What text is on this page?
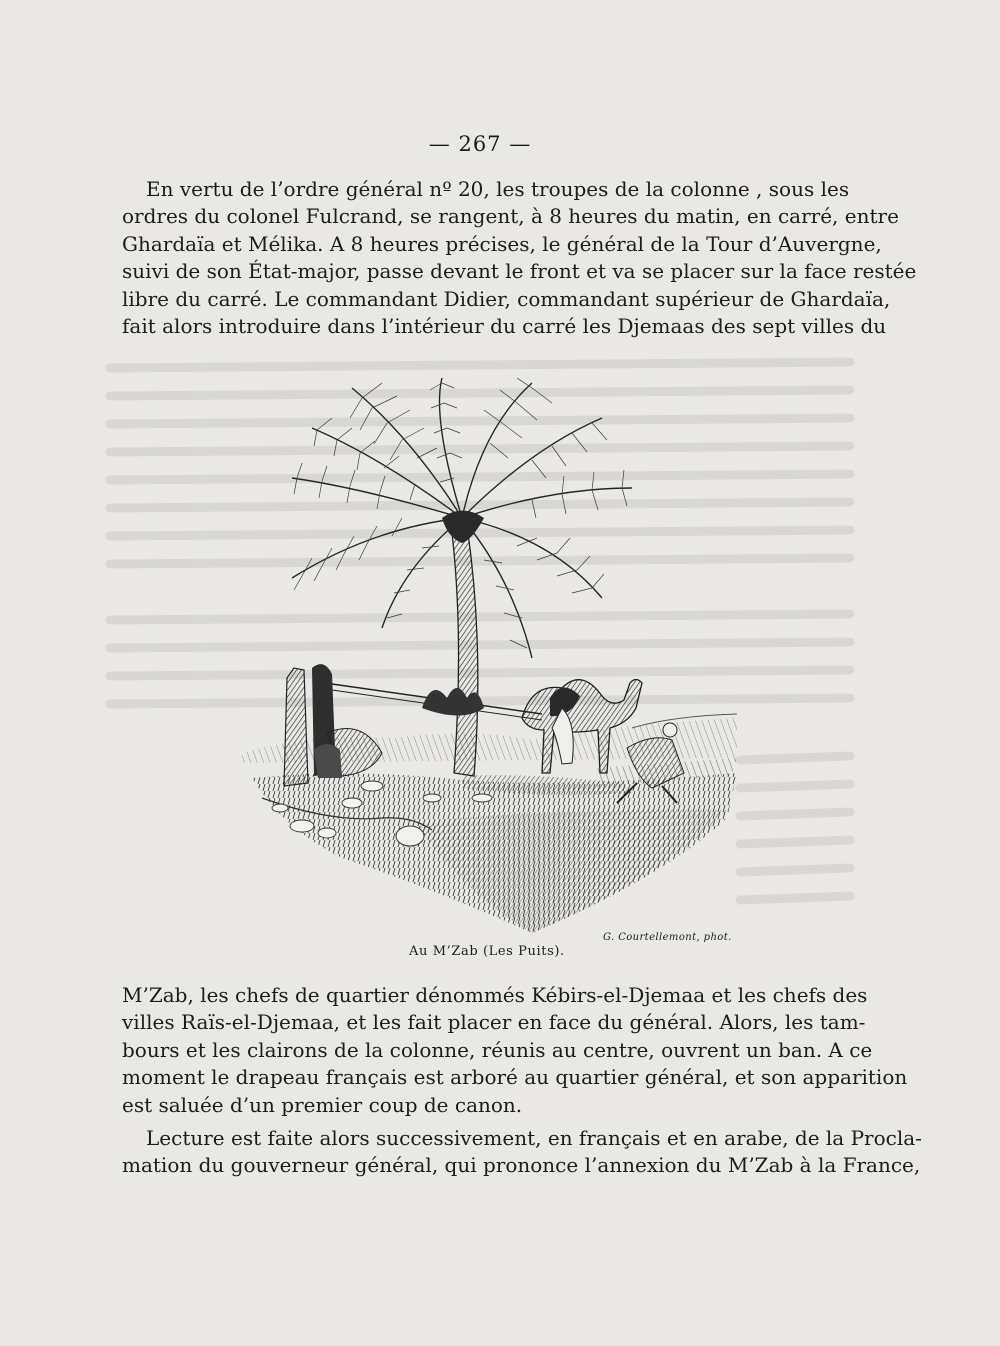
— 267 —
En vertu de l’ordre général nº 20, les troupes de la colonne , sous les
ordres du colonel Fulcrand, se rangent, à 8 heures du matin, en carré, entre
Ghardaïa et Mélika. A 8 heures précises, le général de la Tour d’Auvergne,
suivi de son État-major, passe devant le front et va se placer sur la face restée
libre du carré. Le commandant Didier, commandant supérieur de Ghardaïa,
fait alors introduire dans l’intérieur du carré les Djemaas des sept villes du
G. Courtellemont, phot.
Au M’Zab (Les Puits).
M’Zab, les chefs de quartier dénommés Kébirs-el-Djemaa et les chefs des
villes Raïs-el-Djemaa, et les fait placer en face du général. Alors, les tam-
bours et les clairons de la colonne, réunis au centre, ouvrent un ban. A ce
moment le drapeau français est arboré au quartier général, et son apparition
est saluée d’un premier coup de canon.
Lecture est faite alors successivement, en français et en arabe, de la Procla-
mation du gouverneur général, qui prononce l’annexion du M’Zab à la France,
